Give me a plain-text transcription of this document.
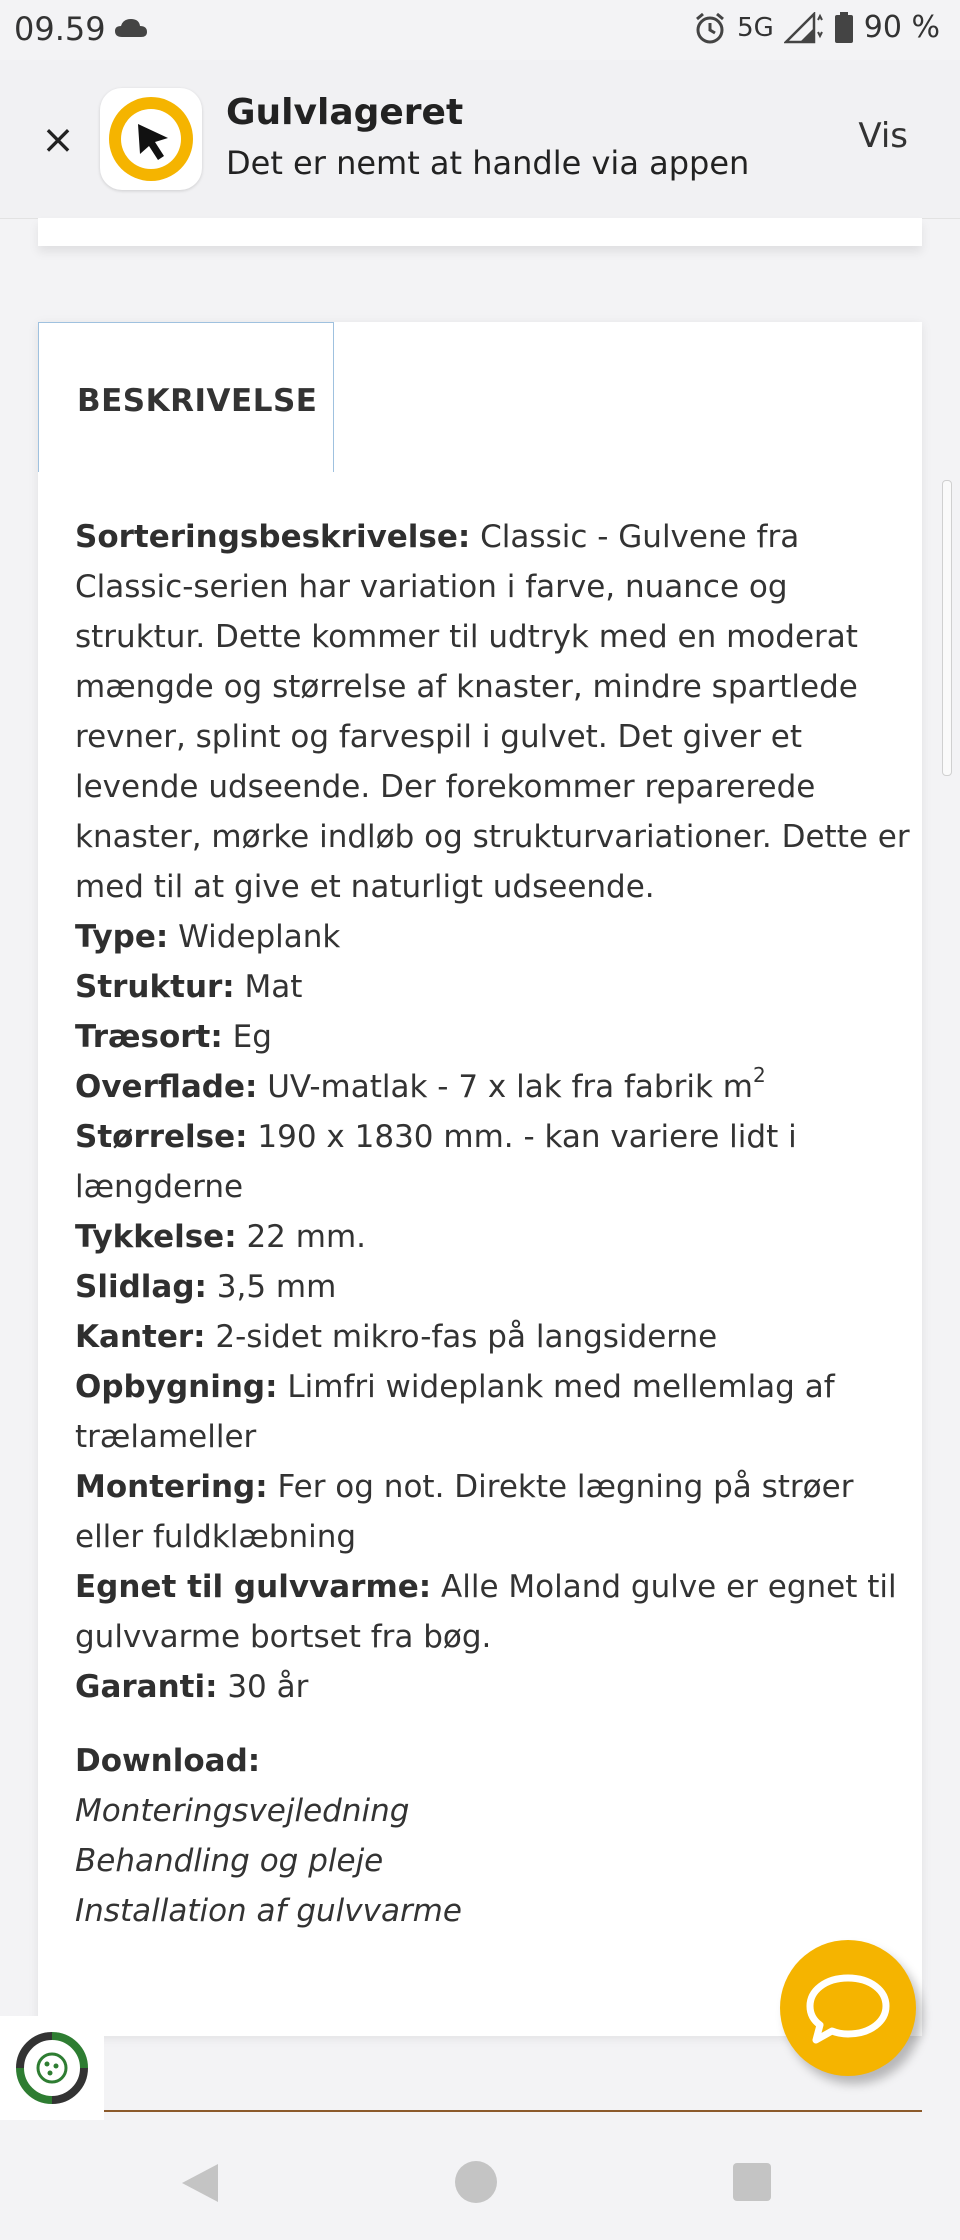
09.59	5G	90 %
×
Gulvlageret
Det er nemt at handle via appen
Vis
BESKRIVELSE

Sorteringsbeskrivelse: Classic - Gulvene fra Classic-serien har variation i farve, nuance og struktur. Dette kommer til udtryk med en moderat mængde og størrelse af knaster, mindre spartlede revner, splint og farvespil i gulvet. Det giver et levende udseende. Der forekommer reparerede knaster, mørke indløb og strukturvariationer. Dette er med til at give et naturligt udseende.

Type: Wideplank

Struktur: Mat

Træsort: Eg

Overflade: UV-matlak - 7 x lak fra fabrik $m^2$

Størrelse: 190 x 1830 mm. - kan variere lidt i længderne

Tykkelse: 22 mm.

Slidlag: 3,5 mm

Kanter: 2-sidet mikro-fas på langsiderne

Opbygning: Limfri wideplank med mellemlag af trælameller

Montering: Fer og not. Direkte lægning på strøer eller fuldklæbning

Egnet til gulvvarme: Alle Moland gulve er egnet til gulvvarme bortset fra bøg.

Garanti: 30 år

Download:

Monteringsvejledning

Behandling og pleje

Installation af gulvvarme
